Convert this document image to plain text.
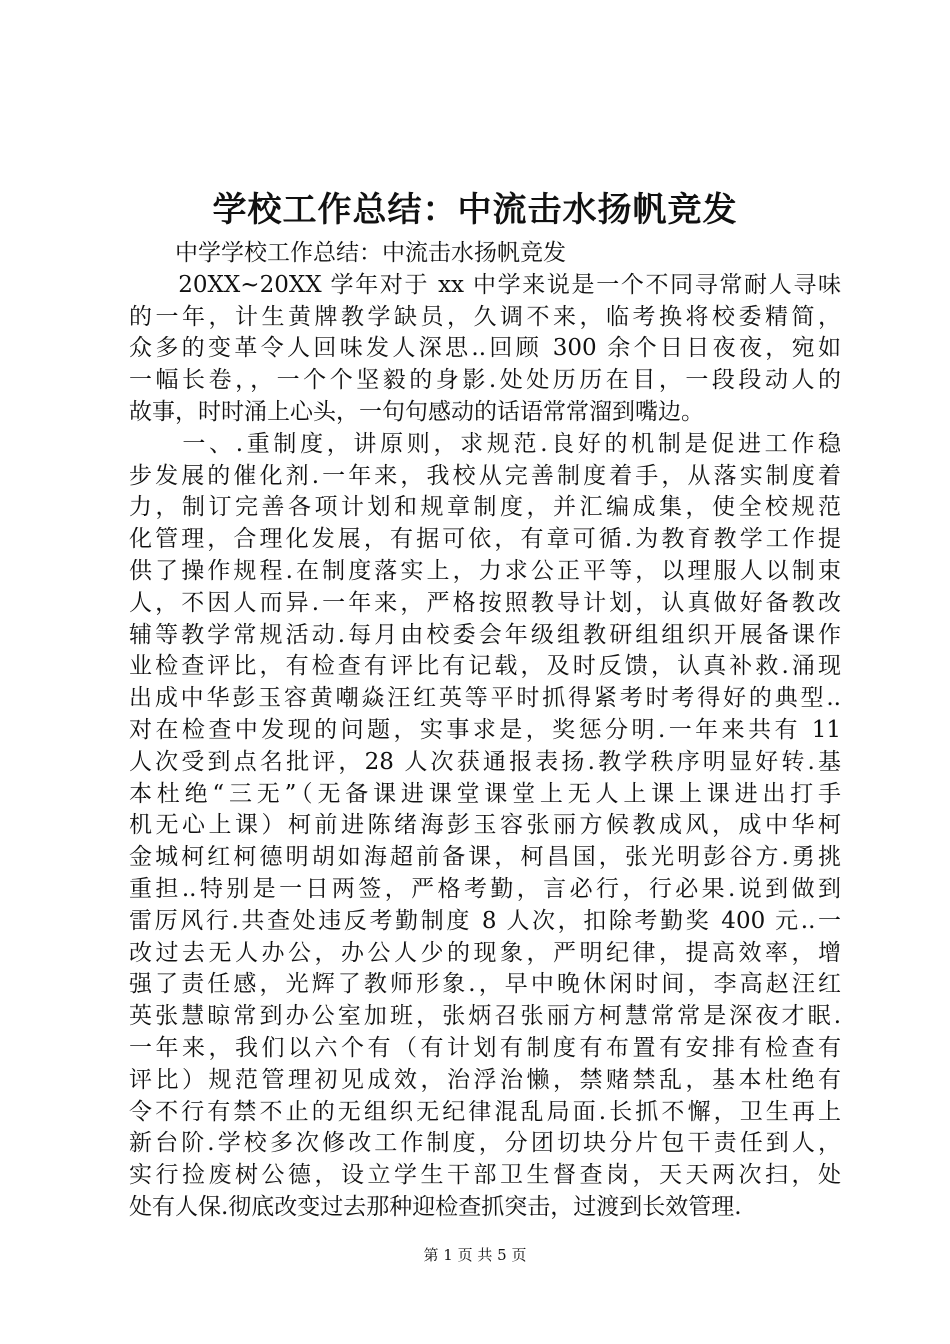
学校工作总结：中流击水扬帆竞发
　　中学学校工作总结：中流击水扬帆竞发
　　20XX~20XX 学年对于 xx 中学来说是一个不同寻常耐人寻味
的一年，计生黄牌教学缺员，久调不来，临考换将校委精简，
众多的变革令人回味发人深思..回顾 300 余个日日夜夜，宛如
一幅长卷，，一个个坚毅的身影.处处历历在目，一段段动人的
故事，时时涌上心头，一句句感动的话语常常溜到嘴边。
　　一、.重制度，讲原则，求规范.良好的机制是促进工作稳
步发展的催化剂.一年来，我校从完善制度着手，从落实制度着
力，制订完善各项计划和规章制度，并汇编成集，使全校规范
化管理，合理化发展，有据可依，有章可循.为教育教学工作提
供了操作规程.在制度落实上，力求公正平等，以理服人以制束
人，不因人而异.一年来，严格按照教导计划，认真做好备教改
辅等教学常规活动.每月由校委会年级组教研组组织开展备课作
业检查评比，有检查有评比有记载，及时反馈，认真补救.涌现
出成中华彭玉容黄嘲焱汪红英等平时抓得紧考时考得好的典型..
对在检查中发现的问题，实事求是，奖惩分明.一年来共有 11
人次受到点名批评，28 人次获通报表扬.教学秩序明显好转.基
本杜绝“三无”（无备课进课堂课堂上无人上课上课进出打手
机无心上课）柯前进陈绪海彭玉容张丽方候教成风，成中华柯
金城柯红柯德明胡如海超前备课，柯昌国，张光明彭谷方.勇挑
重担..特别是一日两签，严格考勤，言必行，行必果.说到做到
雷厉风行.共查处违反考勤制度 8 人次，扣除考勤奖 400 元..一
改过去无人办公，办公人少的现象，严明纪律，提高效率，增
强了责任感，光辉了教师形象.，早中晚休闲时间，李高赵汪红
英张慧晾常到办公室加班，张炳召张丽方柯慧常常是深夜才眠.
一年来，我们以六个有（有计划有制度有布置有安排有检查有
评比）规范管理初见成效，治浮治懒，禁赌禁乱，基本杜绝有
令不行有禁不止的无组织无纪律混乱局面.长抓不懈，卫生再上
新台阶.学校多次修改工作制度，分团切块分片包干责任到人，
实行捡废树公德，设立学生干部卫生督查岗，天天两次扫，处
处有人保.彻底改变过去那种迎检查抓突击，过渡到长效管理.
第 1 页 共 5 页
